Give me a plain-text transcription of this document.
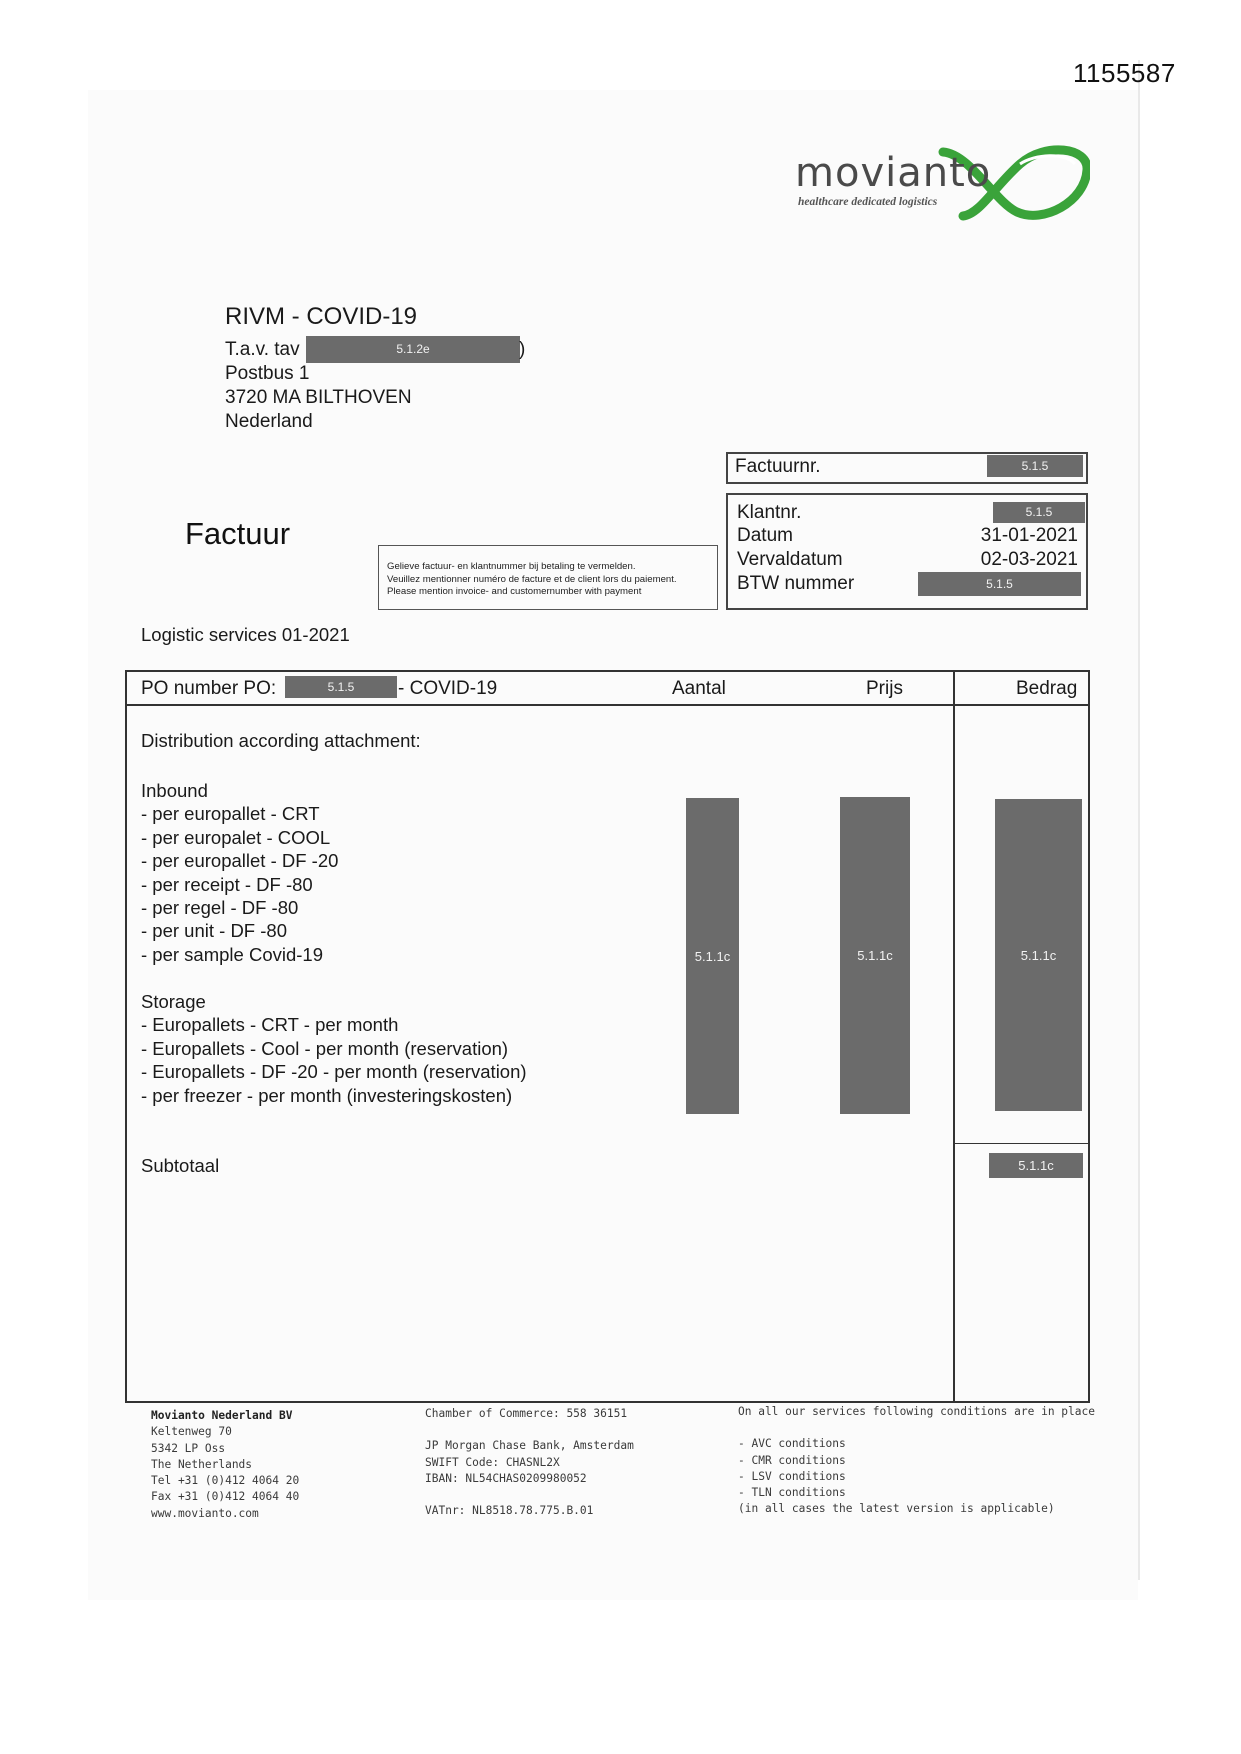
1155587
movianto
healthcare dedicated logistics
RIVM - COVID-19
T.a.v. tav	5.1.2e	)
Postbus 1
3720 MA BILTHOVEN
Nederland
Factuurnr.	5.1.5
Klantnr.	5.1.5
Datum	31-01-2021
Vervaldatum	02-03-2021
BTW nummer	5.1.5
Factuur
Gelieve factuur- en klantnummer bij betaling te vermelden.
Veuillez mentionner numéro de facture et de client lors du paiement.
Please mention invoice- and customernumber with payment
Logistic services 01-2021
PO number PO:	5.1.5	- COVID-19	Aantal	Prijs	Bedrag
Distribution according attachment:
Inbound
- per europallet - CRT
- per europalet - COOL
- per europallet - DF -20
- per receipt - DF -80
- per regel - DF -80
- per unit - DF -80
- per sample Covid-19
Storage
- Europallets - CRT - per month
- Europallets - Cool - per month (reservation)
- Europallets - DF -20 - per month (reservation)
- per freezer - per month (investeringskosten)
5.1.1c	5.1.1c	5.1.1c
Subtotaal	5.1.1c
Movianto Nederland BV
Keltenweg 70
5342 LP Oss
The Netherlands
Tel +31 (0)412 4064 20
Fax +31 (0)412 4064 40
www.movianto.com
Chamber of Commerce: 558 36151
JP Morgan Chase Bank, Amsterdam
SWIFT Code: CHASNL2X
IBAN: NL54CHAS0209980052
VATnr: NL8518.78.775.B.01
On all our services following conditions are in place
- AVC conditions
- CMR conditions
- LSV conditions
- TLN conditions
(in all cases the latest version is applicable)
